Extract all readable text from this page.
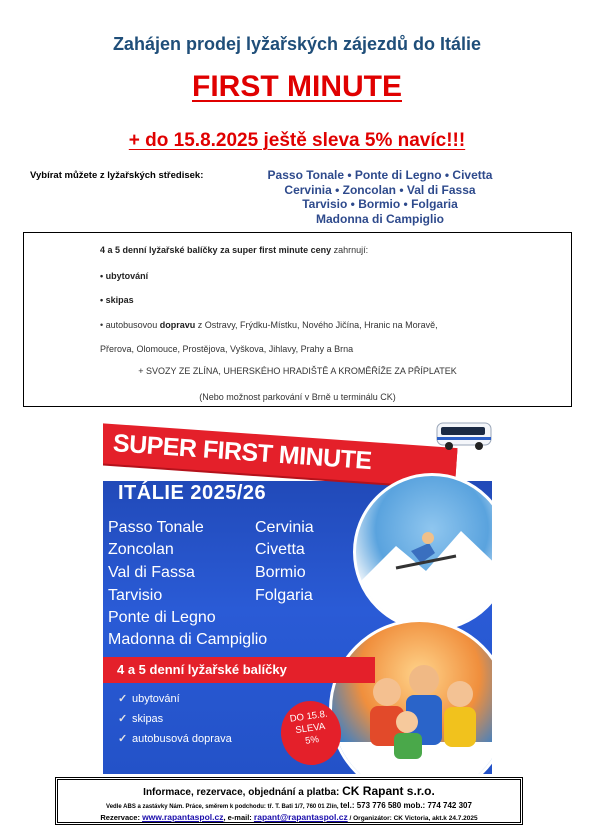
Zahájen prodej lyžařských zájezdů do Itálie
FIRST MINUTE
+ do 15.8.2025 ještě sleva 5% navíc!!!
Vybírat můžete z lyžařských středisek:	Passo Tonale • Ponte di Legno • Civetta
Cervinia • Zoncolan • Val di Fassa
Tarvisio • Bormio • Folgaria
Madonna di Campiglio
4 a 5 denní lyžařské balíčky za super first minute ceny zahrnují:
• ubytování
• skipas
• autobusovou dopravu z Ostravy, Frýdku-Místku, Nového Jičína, Hranic na Moravě,
Přerova, Olomouce, Prostějova, Vyškova, Jihlavy, Prahy a Brna
+ SVOZY ZE ZLÍNA, UHERSKÉHO HRADIŠTĚ A KROMĚŘÍŽE ZA PŘÍPLATEK
(Nebo možnost parkování v Brně u terminálu CK)
SUPER FIRST MINUTE
ITÁLIE 2025/26
Passo Tonale
Zoncolan
Val di Fassa
Tarvisio
Ponte di Legno
Madonna di Campiglio
Cervinia
Civetta
Bormio
Folgaria
4 a 5 denní lyžařské balíčky
✓ ubytování
✓ skipas
✓ autobusová doprava
DO 15.8.
SLEVA
5%
Informace, rezervace, objednání a platba: CK Rapant s.r.o.
Vedle ABS a zastávky Nám. Práce, směrem k podchodu: tř. T. Bati 1/7, 760 01 Zlín, tel.: 573 776 580 mob.: 774 742 307
Rezervace: www.rapantaspol.cz, e-mail: rapant@rapantaspol.cz / Organizátor: CK Victoria, akt.k 24.7.2025
